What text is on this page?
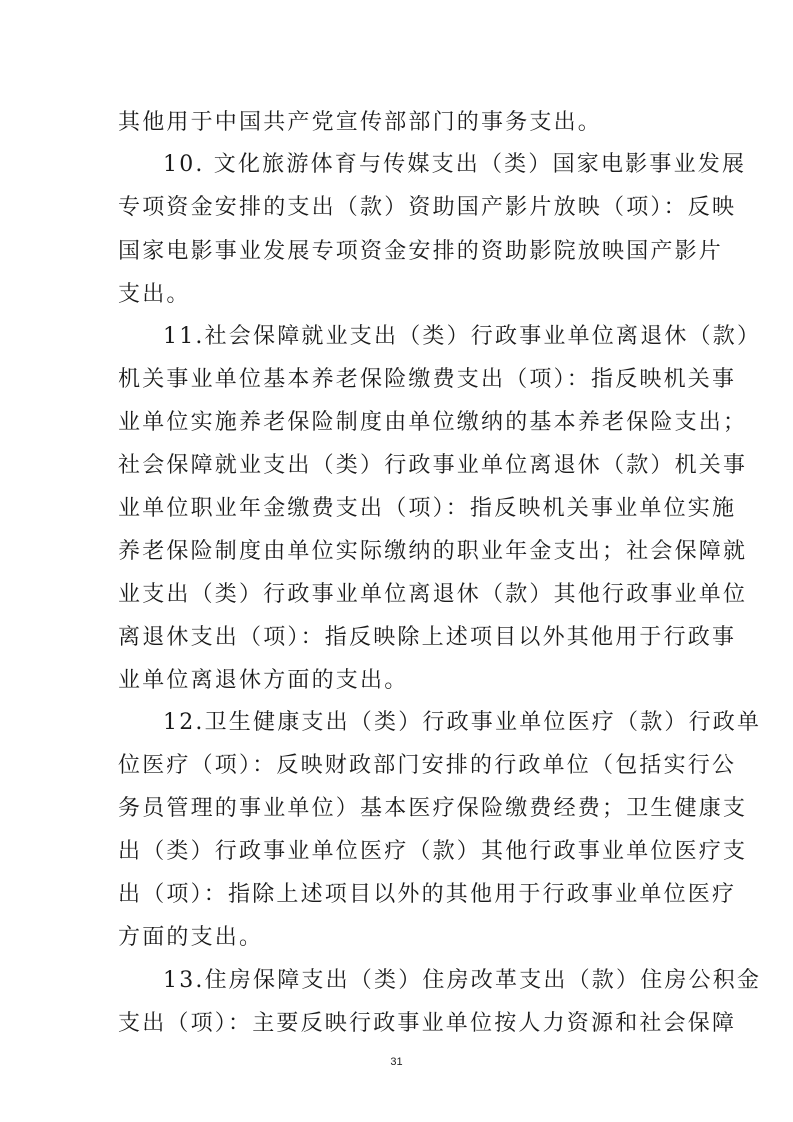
其他用于中国共产党宣传部部门的事务支出。
10. 文化旅游体育与传媒支出（类）国家电影事业发展
专项资金安排的支出（款）资助国产影片放映（项）：反映
国家电影事业发展专项资金安排的资助影院放映国产影片
支出。
11.社会保障就业支出（类）行政事业单位离退休（款）
机关事业单位基本养老保险缴费支出（项）：指反映机关事
业单位实施养老保险制度由单位缴纳的基本养老保险支出；
社会保障就业支出（类）行政事业单位离退休（款）机关事
业单位职业年金缴费支出（项）：指反映机关事业单位实施
养老保险制度由单位实际缴纳的职业年金支出；社会保障就
业支出（类）行政事业单位离退休（款）其他行政事业单位
离退休支出（项）：指反映除上述项目以外其他用于行政事
业单位离退休方面的支出。
12.卫生健康支出（类）行政事业单位医疗（款）行政单
位医疗（项）：反映财政部门安排的行政单位（包括实行公
务员管理的事业单位）基本医疗保险缴费经费；卫生健康支
出（类）行政事业单位医疗（款）其他行政事业单位医疗支
出（项）：指除上述项目以外的其他用于行政事业单位医疗
方面的支出。
13.住房保障支出（类）住房改革支出（款）住房公积金
支出（项）：主要反映行政事业单位按人力资源和社会保障
31
